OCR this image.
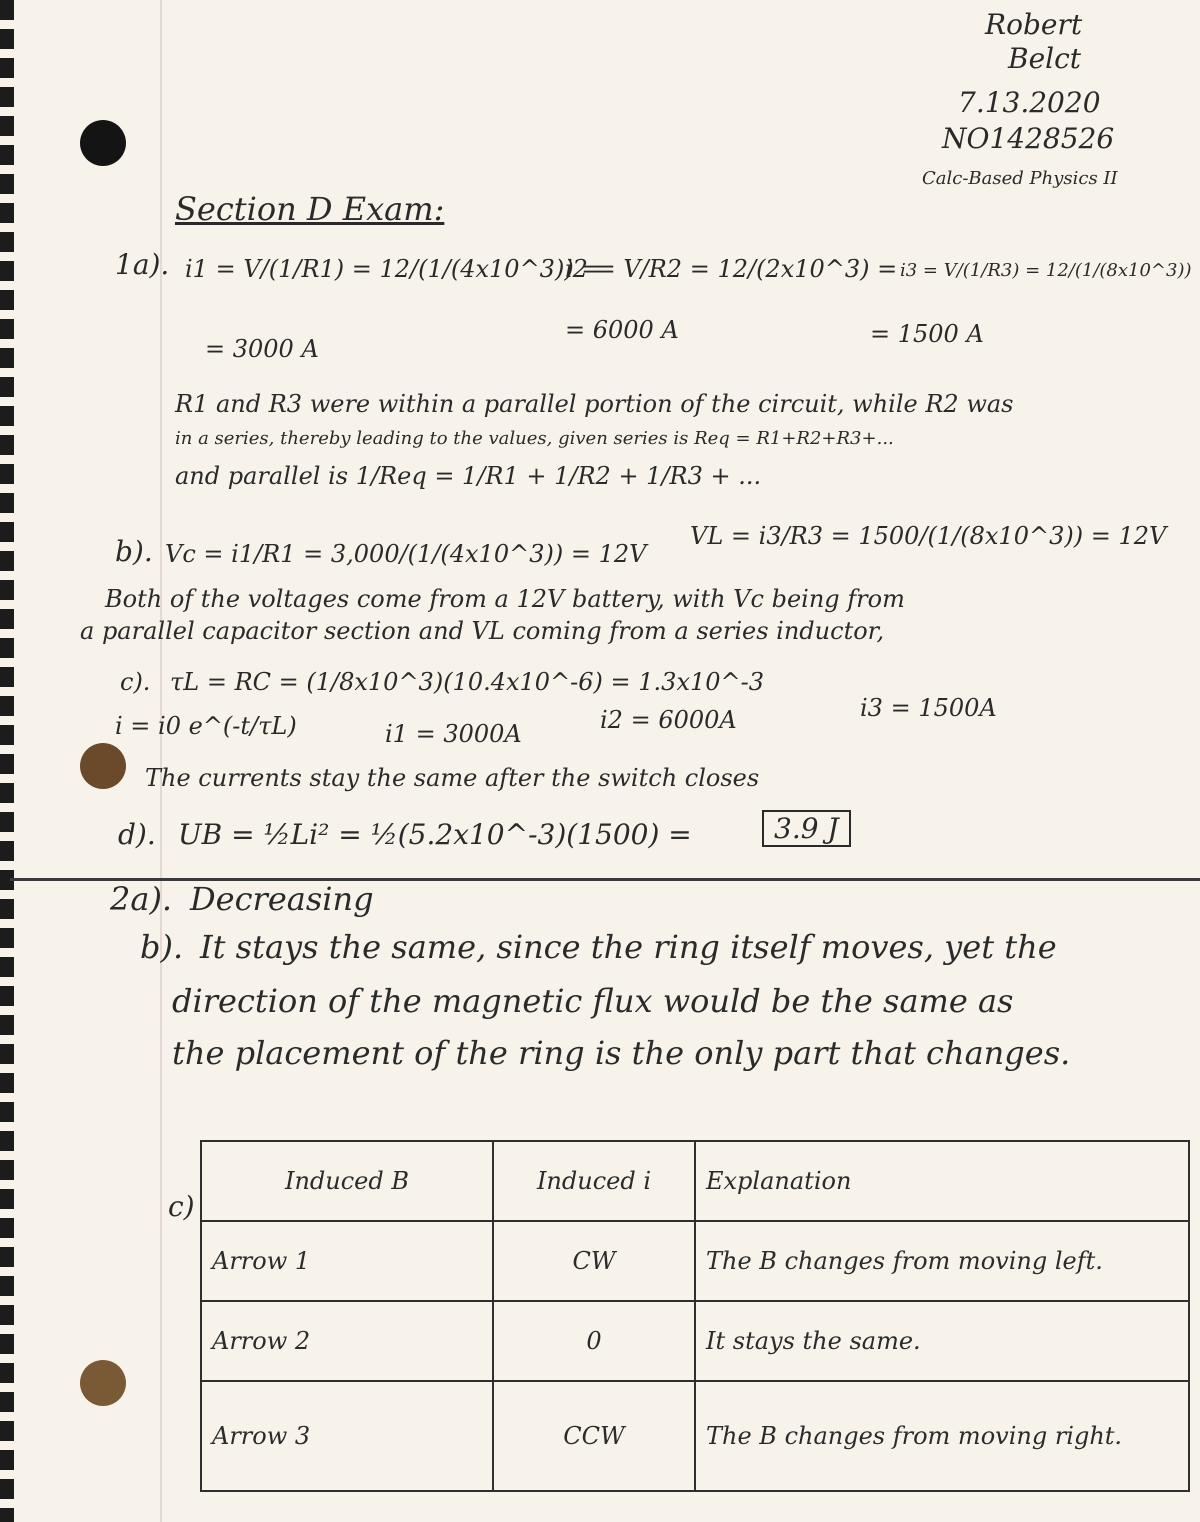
Robert
Belct
7.13.2020
NO1428526
Calc-Based Physics II
Section D Exam:
1a). i1 = V/(1/R1) = 12/(1/(4x10^3)) =
= 3000 A
i2 = V/R2 = 12/(2x10^3) =
= 6000 A
i3 = V/(1/R3) = 12/(1/(8x10^3))
= 1500 A
R1 and R3 were within a parallel portion of the circuit, while R2 was
in a series, thereby leading to the values, given series is Req = R1+R2+R3+...
and parallel is 1/Req = 1/R1 + 1/R2 + 1/R3 + ...
b). Vc = i1/R1 = 3,000/(1/(4x10^3)) = 12V
VL = i3/R3 = 1500/(1/(8x10^3)) = 12V
Both of the voltages come from a 12V battery, with Vc being from
a parallel capacitor section and VL coming from a series inductor,
c). τL = RC = (1/8x10^3)(10.4x10^-6) = 1.3x10^-3
i = i0 e^(-t/τL)	i1 = 3000A	i2 = 6000A	i3 = 1500A
The currents stay the same after the switch closes
d). UB = ½Li² = ½(5.2x10^-3)(1500) =	3.9 J
2a). Decreasing
b). It stays the same, since the ring itself moves, yet the
direction of the magnetic flux would be the same as
the placement of the ring is the only part that changes.
c)
Induced B	Induced i	Explanation
Arrow 1	CW	The B changes from moving left.
Arrow 2	0	It stays the same.
Arrow 3	CCW	The B changes from moving right.
